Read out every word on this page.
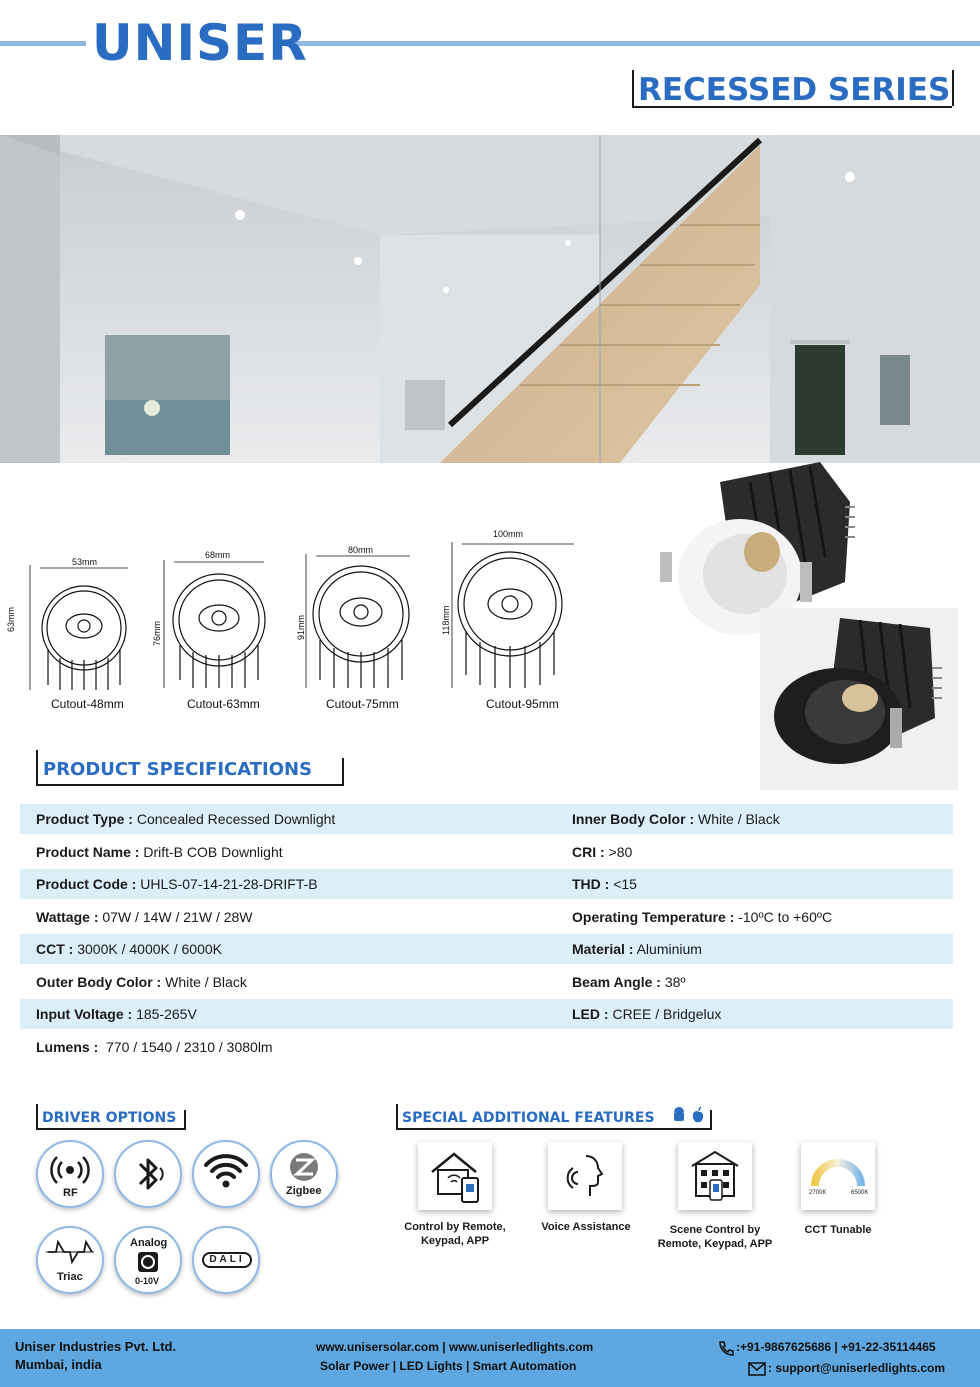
UNISER
RECESSED SERIES
53mm
63mm
Cutout-48mm
68mm
76mm
Cutout-63mm
80mm
91mm
Cutout-75mm
100mm
118mm
Cutout-95mm
PRODUCT SPECIFICATIONS
Product Type : Concealed Recessed Downlight	Inner Body Color : White / Black
Product Name : Drift-B COB Downlight	CRI : >80
Product Code : UHLS-07-14-21-28-DRIFT-B	THD : <15
Wattage : 07W / 14W / 21W / 28W	Operating Temperature : -10ºC to +60ºC
CCT : 3000K / 4000K / 6000K	Material : Aluminium
Outer Body Color : White / Black	Beam Angle : 38º
Input Voltage : 185-265V	LED : CREE / Bridgelux
Lumens :  770 / 1540 / 2310 / 3080lm
DRIVER OPTIONS
RF	Zigbee
Triac
Analog
0-10V
DALI
SPECIAL ADDITIONAL FEATURES
Control by Remote, Keypad, APP
Voice Assistance	Scene Control by Remote, Keypad, APP
2700K	6500K
CCT Tunable
Uniser Industries Pvt. Ltd.
Mumbai, india
www.unisersolar.com | www.uniserledlights.com
Solar Power | LED Lights | Smart Automation
:+91-9867625686 | +91-22-35114465
: support@uniserledlights.com
